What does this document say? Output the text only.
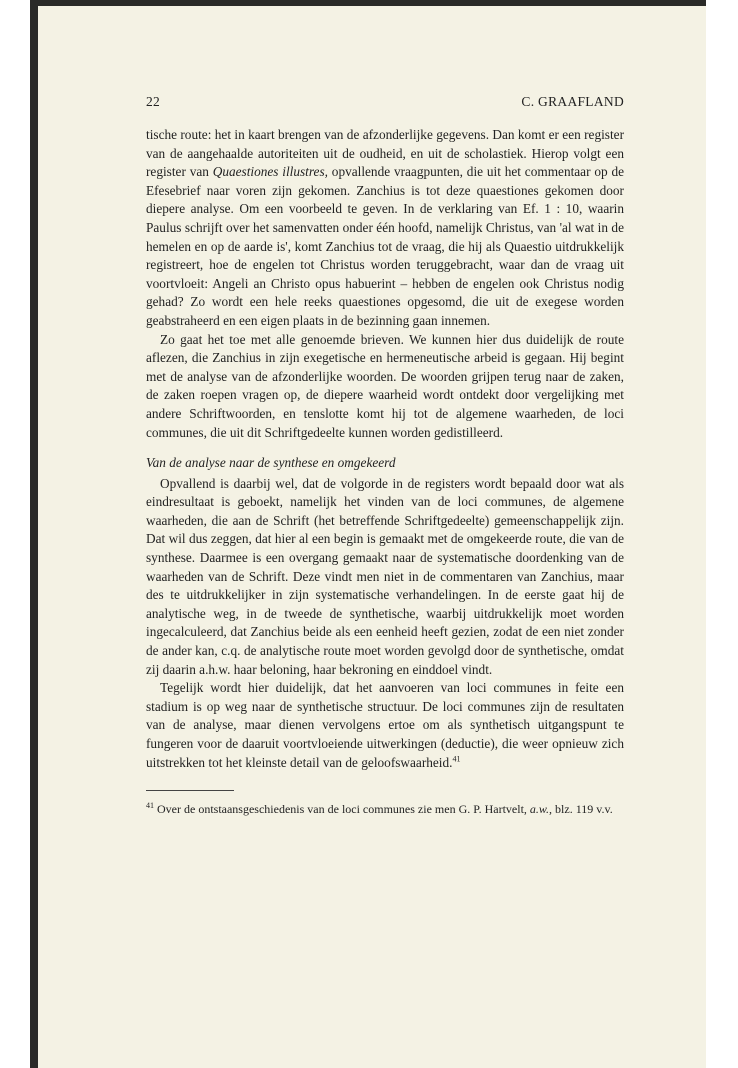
22	C. GRAAFLAND

tische route: het in kaart brengen van de afzonderlijke gegevens. Dan komt er een register van de aangehaalde autoriteiten uit de oudheid, en uit de scholastiek. Hierop volgt een register van Quaestiones illustres, opvallende vraagpunten, die uit het commentaar op de Efesebrief naar voren zijn gekomen. Zanchius is tot deze quaestiones gekomen door diepere analyse. Om een voorbeeld te geven. In de verklaring van Ef. 1 : 10, waarin Paulus schrijft over het samenvatten onder één hoofd, namelijk Christus, van 'al wat in de hemelen en op de aarde is', komt Zanchius tot de vraag, die hij als Quaestio uitdrukkelijk registreert, hoe de engelen tot Christus worden teruggebracht, waar dan de vraag uit voortvloeit: Angeli an Christo opus habuerint – hebben de engelen ook Christus nodig gehad? Zo wordt een hele reeks quaestiones opgesomd, die uit de exegese worden geabstraheerd en een eigen plaats in de bezinning gaan innemen.

Zo gaat het toe met alle genoemde brieven. We kunnen hier dus duidelijk de route aflezen, die Zanchius in zijn exegetische en hermeneutische arbeid is gegaan. Hij begint met de analyse van de afzonderlijke woorden. De woorden grijpen terug naar de zaken, de zaken roepen vragen op, de diepere waarheid wordt ontdekt door vergelijking met andere Schriftwoorden, en tenslotte komt hij tot de algemene waarheden, de loci communes, die uit dit Schriftgedeelte kunnen worden gedistilleerd.

Van de analyse naar de synthese en omgekeerd

Opvallend is daarbij wel, dat de volgorde in de registers wordt bepaald door wat als eindresultaat is geboekt, namelijk het vinden van de loci communes, de algemene waarheden, die aan de Schrift (het betreffende Schriftgedeelte) gemeenschappelijk zijn. Dat wil dus zeggen, dat hier al een begin is gemaakt met de omgekeerde route, die van de synthese. Daarmee is een overgang gemaakt naar de systematische doordenking van de waarheden van de Schrift. Deze vindt men niet in de commentaren van Zanchius, maar des te uitdrukkelijker in zijn systematische verhandelingen. In de eerste gaat hij de analytische weg, in de tweede de synthetische, waarbij uitdrukkelijk moet worden ingecalculeerd, dat Zanchius beide als een eenheid heeft gezien, zodat de een niet zonder de ander kan, c.q. de analytische route moet worden gevolgd door de synthetische, omdat zij daarin a.h.w. haar beloning, haar bekroning en einddoel vindt.

Tegelijk wordt hier duidelijk, dat het aanvoeren van loci communes in feite een stadium is op weg naar de synthetische structuur. De loci communes zijn de resultaten van de analyse, maar dienen vervolgens ertoe om als synthetisch uitgangspunt te fungeren voor de daaruit voortvloeiende uitwerkingen (deductie), die weer opnieuw zich uitstrekken tot het kleinste detail van de geloofswaarheid.$^{41}$

$^{41}$ Over de ontstaansgeschiedenis van de loci communes zie men G. P. Hartvelt, a.w., blz. 119 v.v.
